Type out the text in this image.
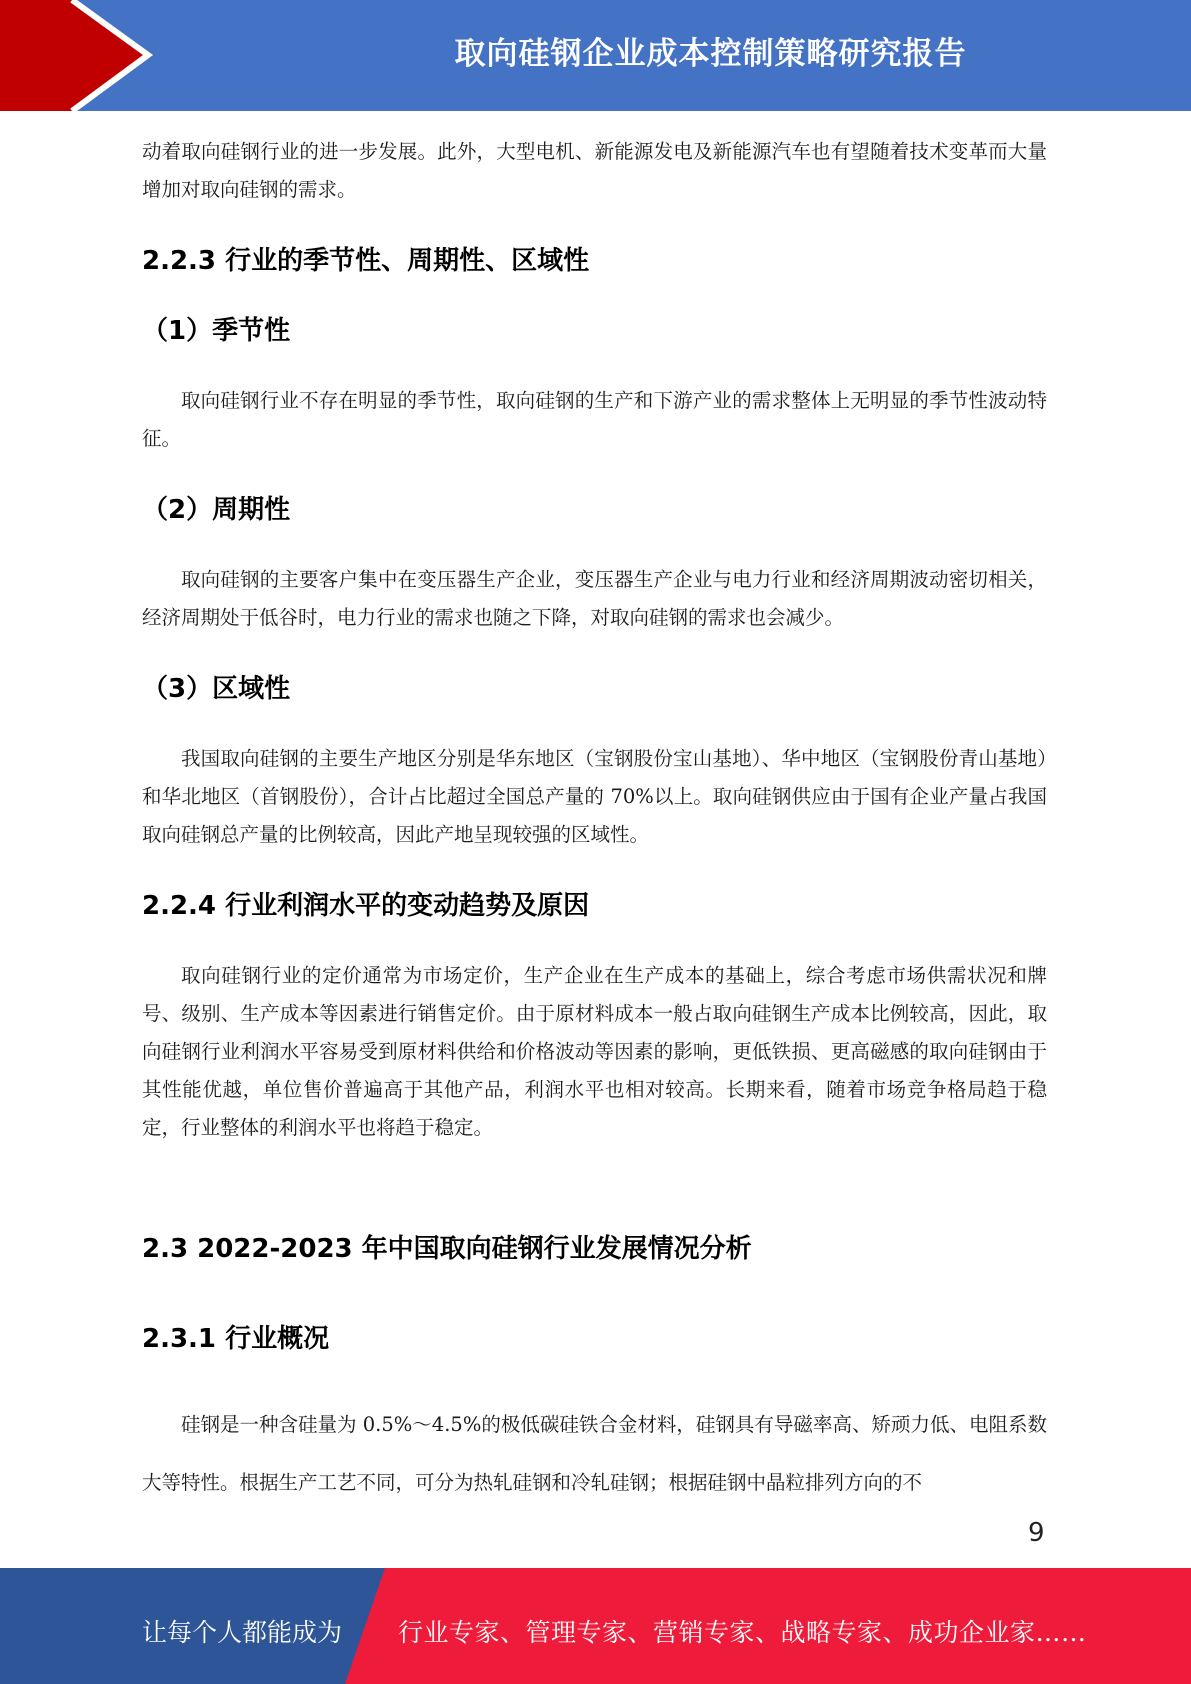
取向硅钢企业成本控制策略研究报告

动着取向硅钢行业的进一步发展。此外，大型电机、新能源发电及新能源汽车也有望随着技术变革而大量增加对取向硅钢的需求。

2.2.3 行业的季节性、周期性、区域性
（1）季节性

取向硅钢行业不存在明显的季节性，取向硅钢的生产和下游产业的需求整体上无明显的季节性波动特征。

（2）周期性

取向硅钢的主要客户集中在变压器生产企业，变压器生产企业与电力行业和经济周期波动密切相关，经济周期处于低谷时，电力行业的需求也随之下降，对取向硅钢的需求也会减少。

（3）区域性

我国取向硅钢的主要生产地区分别是华东地区（宝钢股份宝山基地）、华中地区（宝钢股份青山基地）和华北地区（首钢股份），合计占比超过全国总产量的 70%以上。取向硅钢供应由于国有企业产量占我国取向硅钢总产量的比例较高，因此产地呈现较强的区域性。

2.2.4 行业利润水平的变动趋势及原因

取向硅钢行业的定价通常为市场定价，生产企业在生产成本的基础上，综合考虑市场供需状况和牌号、级别、生产成本等因素进行销售定价。由于原材料成本一般占取向硅钢生产成本比例较高，因此，取向硅钢行业利润水平容易受到原材料供给和价格波动等因素的影响，更低铁损、更高磁感的取向硅钢由于其性能优越，单位售价普遍高于其他产品，利润水平也相对较高。长期来看，随着市场竞争格局趋于稳定，行业整体的利润水平也将趋于稳定。

2.3 2022-2023 年中国取向硅钢行业发展情况分析
2.3.1 行业概况

硅钢是一种含硅量为 0.5%～4.5%的极低碳硅铁合金材料，硅钢具有导磁率高、矫顽力低、电阻系数大等特性。根据生产工艺不同，可分为热轧硅钢和冷轧硅钢；根据硅钢中晶粒排列方向的不

9
让每个人都能成为 行业专家、管理专家、营销专家、战略专家、成功企业家……
